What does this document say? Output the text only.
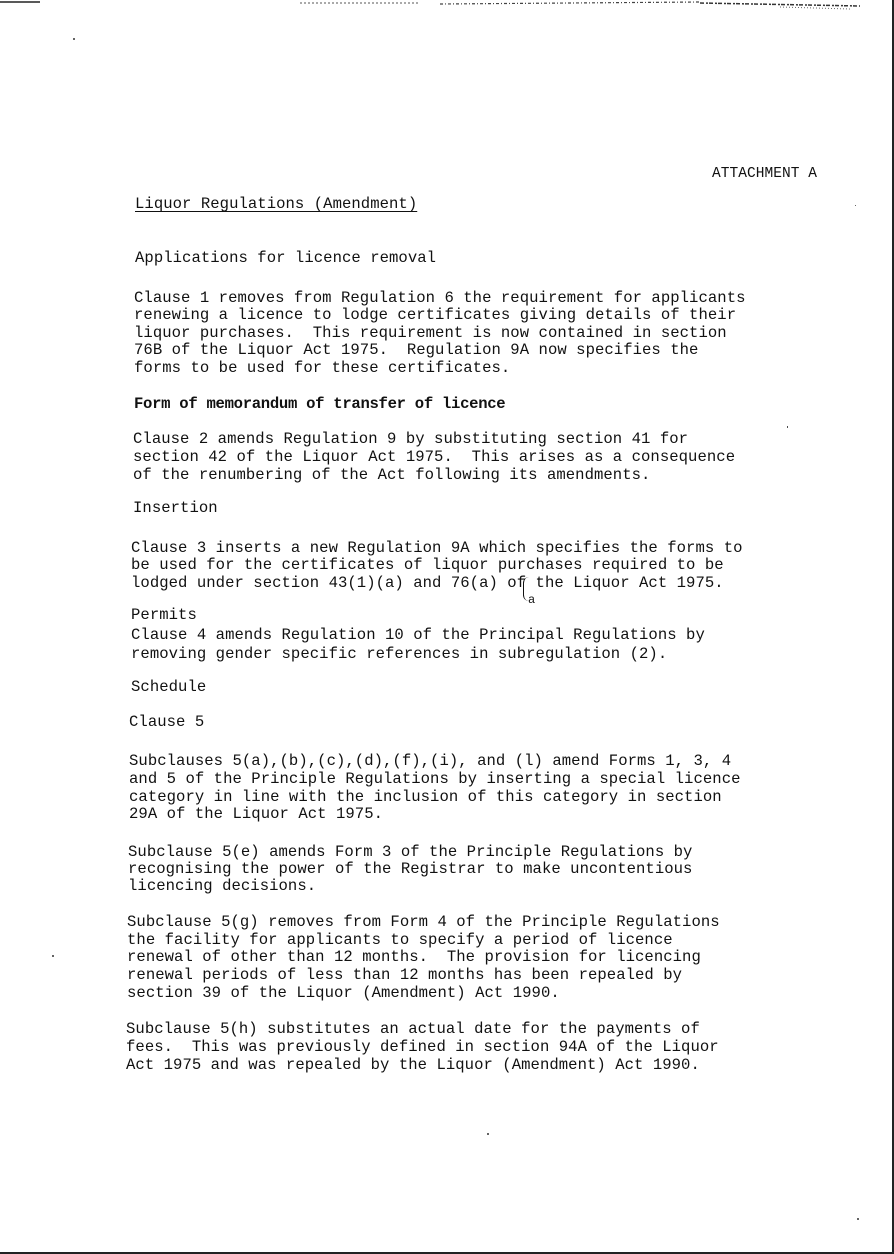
ATTACHMENT A
Liquor Regulations (Amendment)
Applications for licence removal
Clause 1 removes from Regulation 6 the requirement for applicants
renewing a licence to lodge certificates giving details of their
liquor purchases.  This requirement is now contained in section
76B of the Liquor Act 1975.  Regulation 9A now specifies the
forms to be used for these certificates.
Form of memorandum of transfer of licence
Clause 2 amends Regulation 9 by substituting section 41 for
section 42 of the Liquor Act 1975.  This arises as a consequence
of the renumbering of the Act following its amendments.
Insertion
Clause 3 inserts a new Regulation 9A which specifies the forms to
be used for the certificates of liquor purchases required to be
lodged under section 43(1)(a) and 76(a) of the Liquor Act 1975.
a
Permits
Clause 4 amends Regulation 10 of the Principal Regulations by
removing gender specific references in subregulation (2).
Schedule
Clause 5
Subclauses 5(a),(b),(c),(d),(f),(i), and (l) amend Forms 1, 3, 4
and 5 of the Principle Regulations by inserting a special licence
category in line with the inclusion of this category in section
29A of the Liquor Act 1975.
Subclause 5(e) amends Form 3 of the Principle Regulations by
recognising the power of the Registrar to make uncontentious
licencing decisions.
Subclause 5(g) removes from Form 4 of the Principle Regulations
the facility for applicants to specify a period of licence
renewal of other than 12 months.  The provision for licencing
renewal periods of less than 12 months has been repealed by
section 39 of the Liquor (Amendment) Act 1990.
Subclause 5(h) substitutes an actual date for the payments of
fees.  This was previously defined in section 94A of the Liquor
Act 1975 and was repealed by the Liquor (Amendment) Act 1990.
